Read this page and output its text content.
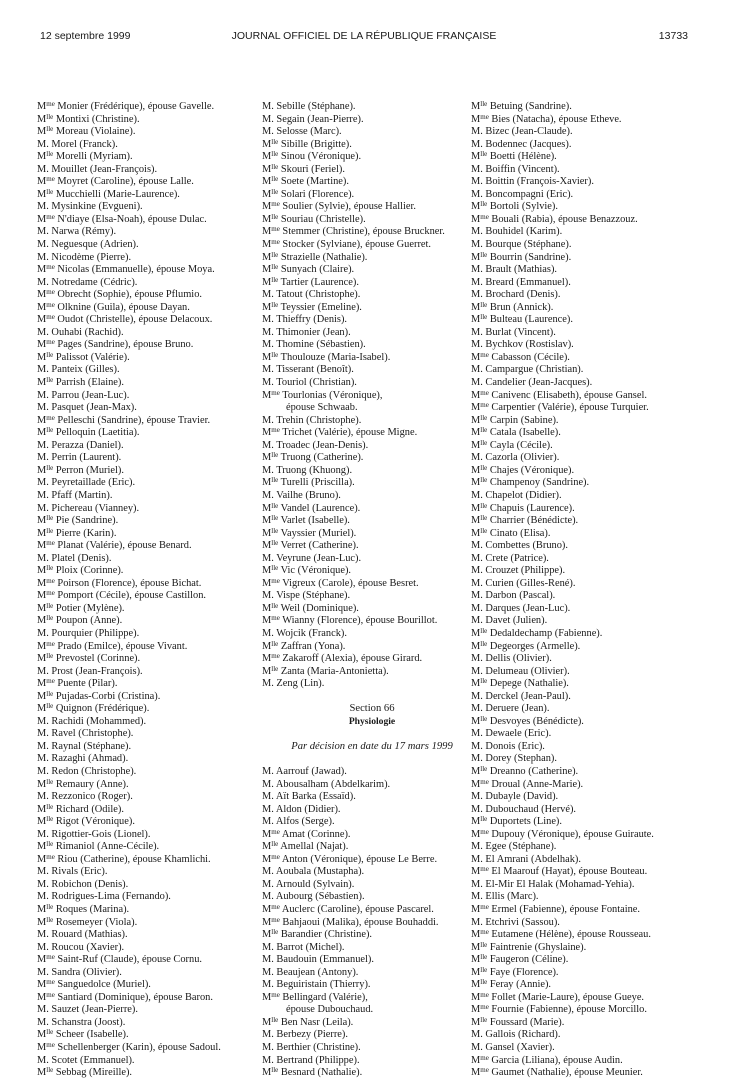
12 septembre 1999	JOURNAL OFFICIEL DE LA RÉPUBLIQUE FRANÇAISE	13733
$M^{me}$ Monier (Frédérique), épouse Gavelle.
$M^{lle}$ Montixi (Christine).
$M^{lle}$ Moreau (Violaine).
M. Morel (Franck).
$M^{lle}$ Morelli (Myriam).
M. Mouillet (Jean-François).
$M^{me}$ Moyret (Caroline), épouse Lalle.
$M^{lle}$ Mucchielli (Marie-Laurence).
M. Mysinkine (Evgueni).
$M^{me}$ N'diaye (Elsa-Noah), épouse Dulac.
M. Narwa (Rémy).
M. Neguesque (Adrien).
M. Nicodème (Pierre).
$M^{me}$ Nicolas (Emmanuelle), épouse Moya.
M. Notredame (Cédric).
$M^{me}$ Obrecht (Sophie), épouse Pflumio.
$M^{me}$ Olknine (Guila), épouse Dayan.
$M^{me}$ Oudot (Christelle), épouse Delacoux.
M. Ouhabi (Rachid).
$M^{me}$ Pages (Sandrine), épouse Bruno.
$M^{lle}$ Palissot (Valérie).
M. Panteix (Gilles).
$M^{lle}$ Parrish (Elaine).
M. Parrou (Jean-Luc).
M. Pasquet (Jean-Max).
$M^{me}$ Pelleschi (Sandrine), épouse Travier.
$M^{lle}$ Pelloquin (Laetitia).
M. Perazza (Daniel).
M. Perrin (Laurent).
$M^{lle}$ Perron (Muriel).
M. Peyretaillade (Eric).
M. Pfaff (Martin).
M. Pichereau (Vianney).
$M^{lle}$ Pie (Sandrine).
$M^{lle}$ Pierre (Karin).
$M^{me}$ Planat (Valérie), épouse Benard.
M. Platel (Denis).
$M^{lle}$ Ploix (Corinne).
$M^{me}$ Poirson (Florence), épouse Bichat.
$M^{me}$ Pomport (Cécile), épouse Castillon.
$M^{lle}$ Potier (Mylène).
$M^{lle}$ Poupon (Anne).
M. Pourquier (Philippe).
$M^{me}$ Prado (Emilce), épouse Vivant.
$M^{lle}$ Prevostel (Corinne).
M. Prost (Jean-François).
$M^{me}$ Puente (Pilar).
$M^{lle}$ Pujadas-Corbi (Cristina).
$M^{lle}$ Quignon (Frédérique).
M. Rachidi (Mohammed).
M. Ravel (Christophe).
M. Raynal (Stéphane).
M. Razaghi (Ahmad).
M. Redon (Christophe).
$M^{lle}$ Remaury (Anne).
M. Rezzonico (Roger).
$M^{lle}$ Richard (Odile).
$M^{lle}$ Rigot (Véronique).
M. Rigottier-Gois (Lionel).
$M^{lle}$ Rimaniol (Anne-Cécile).
$M^{me}$ Riou (Catherine), épouse Khamlichi.
M. Rivals (Eric).
M. Robichon (Denis).
M. Rodrigues-Lima (Fernando).
$M^{lle}$ Roques (Marina).
$M^{lle}$ Rosemeyer (Viola).
M. Rouard (Mathias).
M. Roucou (Xavier).
$M^{me}$ Saint-Ruf (Claude), épouse Cornu.
M. Sandra (Olivier).
$M^{me}$ Sanguedolce (Muriel).
$M^{me}$ Santiard (Dominique), épouse Baron.
M. Sauzet (Jean-Pierre).
M. Schanstra (Joost).
$M^{lle}$ Scheer (Isabelle).
$M^{me}$ Schellenberger (Karin), épouse Sadoul.
M. Scotet (Emmanuel).
$M^{lle}$ Sebbag (Mireille).
M. Sebille (Stéphane).
M. Segain (Jean-Pierre).
M. Selosse (Marc).
$M^{lle}$ Sibille (Brigitte).
$M^{lle}$ Sinou (Véronique).
$M^{lle}$ Skouri (Feriel).
$M^{lle}$ Soete (Martine).
$M^{lle}$ Solari (Florence).
$M^{me}$ Soulier (Sylvie), épouse Hallier.
$M^{lle}$ Souriau (Christelle).
$M^{me}$ Stemmer (Christine), épouse Bruckner.
$M^{me}$ Stocker (Sylviane), épouse Guerret.
$M^{lle}$ Strazielle (Nathalie).
$M^{lle}$ Sunyach (Claire).
$M^{lle}$ Tartier (Laurence).
M. Tatout (Christophe).
$M^{lle}$ Teyssier (Emeline).
M. Thieffry (Denis).
M. Thimonier (Jean).
M. Thomine (Sébastien).
$M^{lle}$ Thoulouze (Maria-Isabel).
M. Tisserant (Benoît).
M. Touriol (Christian).
$M^{me}$ Tourlonias (Véronique),
épouse Schwaab.
M. Trehin (Christophe).
$M^{me}$ Trichet (Valérie), épouse Migne.
M. Troadec (Jean-Denis).
$M^{lle}$ Truong (Catherine).
M. Truong (Khuong).
$M^{lle}$ Turelli (Priscilla).
M. Vailhe (Bruno).
$M^{lle}$ Vandel (Laurence).
$M^{lle}$ Varlet (Isabelle).
$M^{lle}$ Vayssier (Muriel).
$M^{lle}$ Verret (Catherine).
M. Veyrune (Jean-Luc).
$M^{lle}$ Vic (Véronique).
$M^{me}$ Vigreux (Carole), épouse Besret.
M. Vispe (Stéphane).
$M^{lle}$ Weil (Dominique).
$M^{me}$ Wianny (Florence), épouse Bourillot.
M. Wojcik (Franck).
$M^{lle}$ Zaffran (Yona).
$M^{me}$ Zakaroff (Alexia), épouse Girard.
$M^{lle}$ Zanta (Maria-Antonietta).
M. Zeng (Lin).
Section 66
Physiologie
Par décision en date du 17 mars 1999
M. Aarrouf (Jawad).
M. Abousalham (Abdelkarim).
M. Aït Barka (Essaïd).
M. Aldon (Didier).
M. Alfos (Serge).
$M^{me}$ Amat (Corinne).
$M^{lle}$ Amellal (Najat).
$M^{me}$ Anton (Véronique), épouse Le Berre.
M. Aoubala (Mustapha).
M. Arnould (Sylvain).
M. Aubourg (Sébastien).
$M^{me}$ Auclerc (Caroline), épouse Pascarel.
$M^{me}$ Bahjaoui (Malika), épouse Bouhaddi.
$M^{lle}$ Barandier (Christine).
M. Barrot (Michel).
M. Baudouin (Emmanuel).
M. Beaujean (Antony).
M. Beguiristain (Thierry).
$M^{me}$ Bellingard (Valérie),
épouse Dubouchaud.
$M^{lle}$ Ben Nasr (Leila).
M. Berbezy (Pierre).
M. Berthier (Christine).
M. Bertrand (Philippe).
$M^{lle}$ Besnard (Nathalie).
$M^{lle}$ Betuing (Sandrine).
$M^{me}$ Bies (Natacha), épouse Etheve.
M. Bizec (Jean-Claude).
M. Bodennec (Jacques).
$M^{lle}$ Boetti (Hélène).
M. Boiffin (Vincent).
M. Boittin (François-Xavier).
M. Boncompagni (Eric).
$M^{lle}$ Bortoli (Sylvie).
$M^{me}$ Bouali (Rabia), épouse Benazzouz.
M. Bouhidel (Karim).
M. Bourque (Stéphane).
$M^{lle}$ Bourrin (Sandrine).
M. Brault (Mathias).
M. Breard (Emmanuel).
M. Brochard (Denis).
$M^{lle}$ Brun (Annick).
$M^{lle}$ Bulteau (Laurence).
M. Burlat (Vincent).
M. Bychkov (Rostislav).
$M^{me}$ Cabasson (Cécile).
M. Campargue (Christian).
M. Candelier (Jean-Jacques).
$M^{me}$ Canivenc (Elisabeth), épouse Gansel.
$M^{me}$ Carpentier (Valérie), épouse Turquier.
$M^{lle}$ Carpin (Sabine).
$M^{lle}$ Catala (Isabelle).
$M^{lle}$ Cayla (Cécile).
M. Cazorla (Olivier).
$M^{lle}$ Chajes (Véronique).
$M^{lle}$ Champenoy (Sandrine).
M. Chapelot (Didier).
$M^{lle}$ Chapuis (Laurence).
$M^{lle}$ Charrier (Bénédicte).
$M^{lle}$ Cinato (Elisa).
M. Combettes (Bruno).
M. Crete (Patrice).
M. Crouzet (Philippe).
M. Curien (Gilles-René).
M. Darbon (Pascal).
M. Darques (Jean-Luc).
M. Davet (Julien).
$M^{lle}$ Dedaldechamp (Fabienne).
$M^{lle}$ Degeorges (Armelle).
M. Dellis (Olivier).
M. Delumeau (Olivier).
$M^{lle}$ Depege (Nathalie).
M. Derckel (Jean-Paul).
M. Deruere (Jean).
$M^{lle}$ Desvoyes (Bénédicte).
M. Dewaele (Eric).
M. Donois (Eric).
M. Dorey (Stephan).
$M^{lle}$ Dreanno (Catherine).
$M^{me}$ Droual (Anne-Marie).
M. Dubayle (David).
M. Dubouchaud (Hervé).
$M^{lle}$ Duportets (Line).
$M^{me}$ Dupouy (Véronique), épouse Guiraute.
M. Egee (Stéphane).
M. El Amrani (Abdelhak).
$M^{me}$ El Maarouf (Hayat), épouse Bouteau.
M. El-Mir El Halak (Mohamad-Yehia).
M. Ellis (Marc).
$M^{me}$ Ermel (Fabienne), épouse Fontaine.
M. Etchrivi (Sassou).
$M^{me}$ Eutamene (Hélène), épouse Rousseau.
$M^{lle}$ Faintrenie (Ghyslaine).
$M^{lle}$ Faugeron (Céline).
$M^{lle}$ Faye (Florence).
$M^{lle}$ Feray (Annie).
$M^{me}$ Follet (Marie-Laure), épouse Gueye.
$M^{me}$ Fournie (Fabienne), épouse Morcillo.
$M^{lle}$ Foussard (Marie).
M. Gallois (Richard).
M. Gansel (Xavier).
$M^{me}$ Garcia (Liliana), épouse Audin.
$M^{me}$ Gaumet (Nathalie), épouse Meunier.
